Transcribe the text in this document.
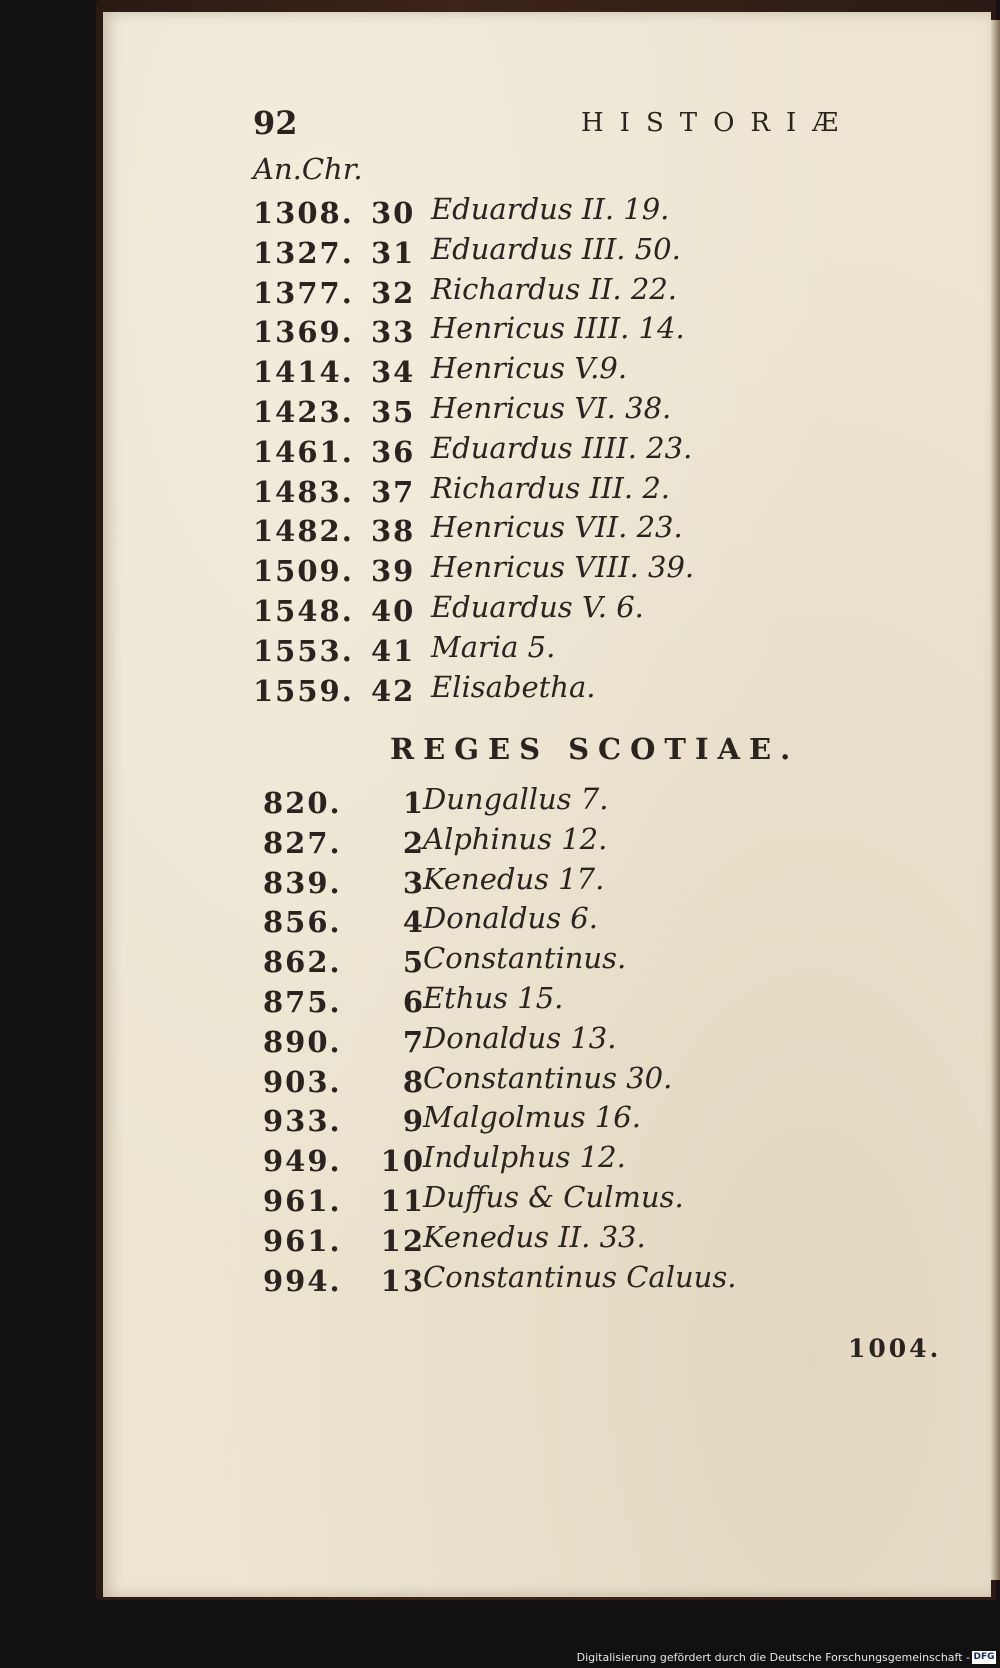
92	HISTORIÆ
An.Chr.
1308. 30 Eduardus II. 19.
1327. 31 Eduardus III. 50.
1377. 32 Richardus II. 22.
1369. 33 Henricus IIII. 14.
1414. 34 Henricus V.9.
1423. 35 Henricus VI. 38.
1461. 36 Eduardus IIII. 23.
1483. 37 Richardus III. 2.
1482. 38 Henricus VII. 23.
1509. 39 Henricus VIII. 39.
1548. 40 Eduardus V. 6.
1553. 41 Maria 5.
1559. 42 Elisabetha.
REGES SCOTIAE.
820. 1
Dungallus 7.
827. 2
Alphinus 12.
839. 3
Kenedus 17.
856. 4
Donaldus 6.
862. 5
Constantinus.
875. 6
Ethus 15.
890. 7
Donaldus 13.
903. 8
Constantinus 30.
933. 9
Malgolmus 16.
949. 10
Indulphus 12.
961. 11
Duffus & Culmus.
961. 12
Kenedus II. 33.
994. 13
Constantinus Caluus.
1004.
Digitalisierung gefördert durch die Deutsche Forschungsgemeinschaft - DFG
